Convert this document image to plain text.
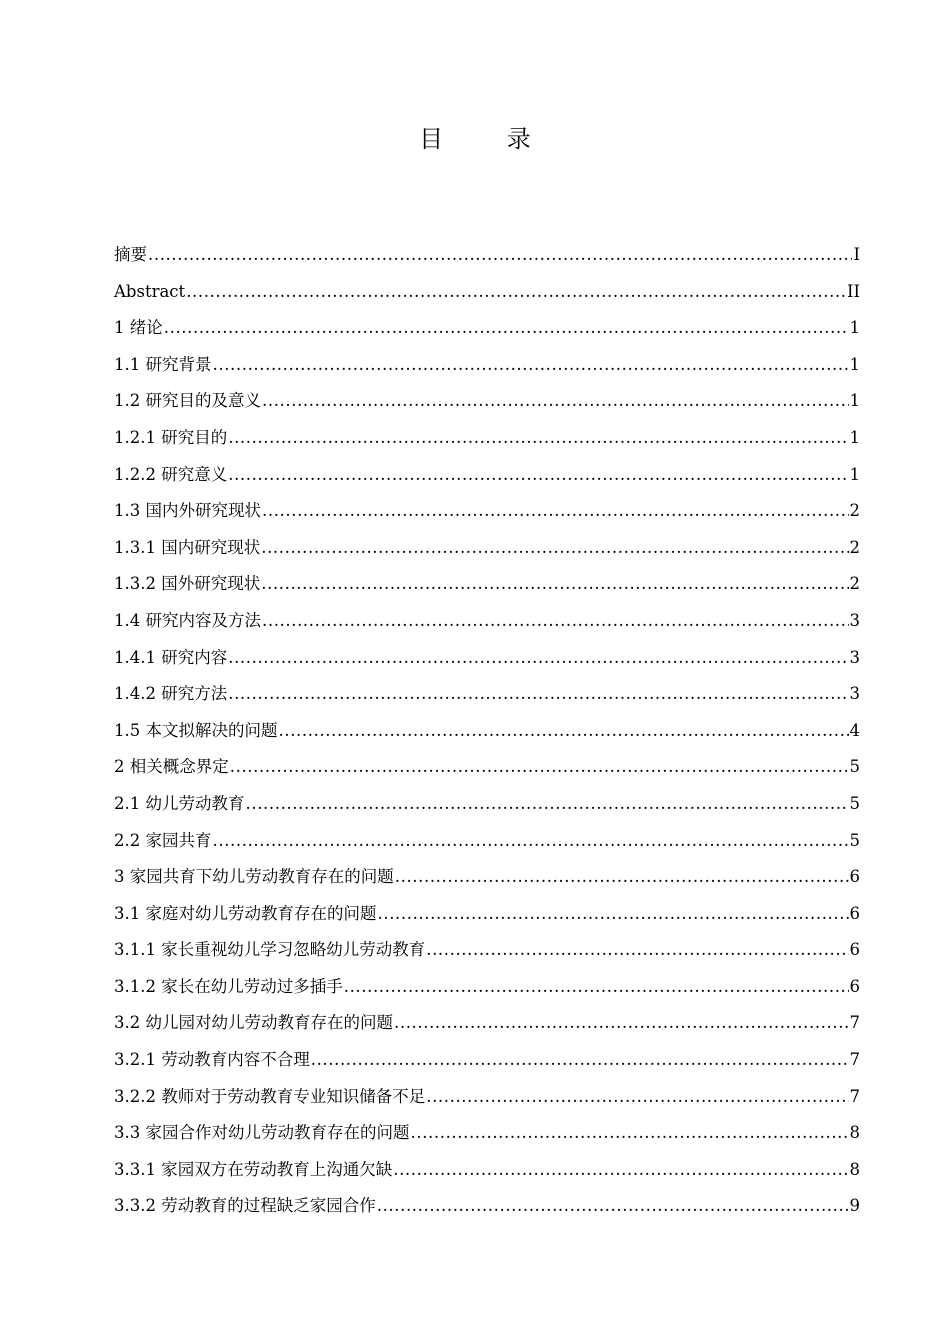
目 录
摘要 .....	I
Abstract .....	II
1 绪论 .....	1
1.1 研究背景 .....	1
1.2 研究目的及意义 .....	1
1.2.1 研究目的 .....	1
1.2.2 研究意义 .....	1
1.3 国内外研究现状 .....	2
1.3.1 国内研究现状 .....	2
1.3.2 国外研究现状 .....	2
1.4 研究内容及方法 .....	3
1.4.1 研究内容 .....	3
1.4.2 研究方法 .....	3
1.5 本文拟解决的问题 .....	4
2 相关概念界定 .....	5
2.1 幼儿劳动教育 .....	5
2.2 家园共育 .....	5
3 家园共育下幼儿劳动教育存在的问题 .....	6
3.1 家庭对幼儿劳动教育存在的问题 .....	6
3.1.1 家长重视幼儿学习忽略幼儿劳动教育 .....	6
3.1.2 家长在幼儿劳动过多插手 .....	6
3.2 幼儿园对幼儿劳动教育存在的问题 .....	7
3.2.1 劳动教育内容不合理 .....	7
3.2.2 教师对于劳动教育专业知识储备不足 .....	7
3.3 家园合作对幼儿劳动教育存在的问题 .....	8
3.3.1 家园双方在劳动教育上沟通欠缺 .....	8
3.3.2 劳动教育的过程缺乏家园合作 .....	9
